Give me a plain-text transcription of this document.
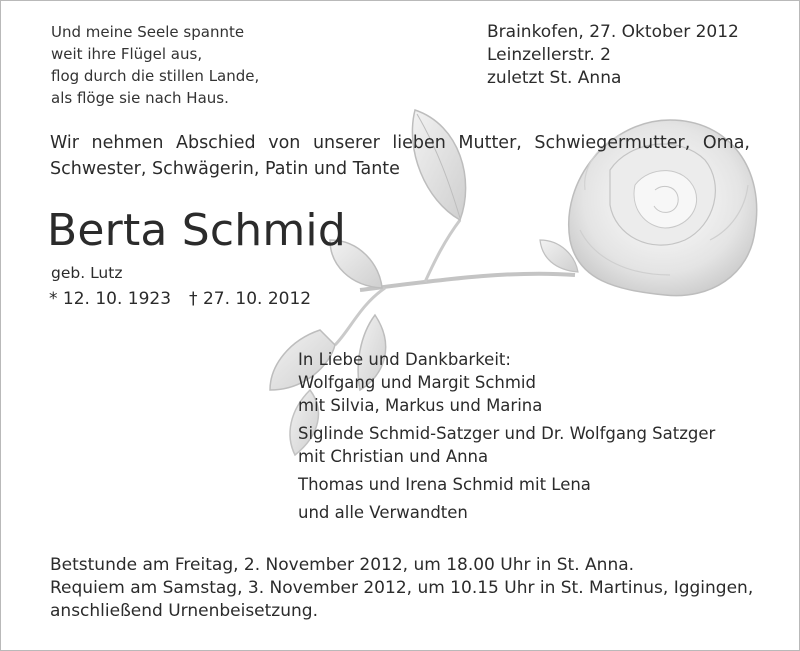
Und meine Seele spannte
weit ihre Flügel aus,
flog durch die stillen Lande,
als flöge sie nach Haus.
Brainkofen, 27. Oktober 2012
Leinzellerstr. 2
zuletzt St. Anna
Wir nehmen Abschied von unserer lieben Mutter, Schwiegermutter, Oma,
Schwester, Schwägerin, Patin und Tante
Berta Schmid
geb. Lutz
* 12. 10. 1923 † 27. 10. 2012
In Liebe und Dankbarkeit:
Wolfgang und Margit Schmid
mit Silvia, Markus und Marina
Siglinde Schmid-Satzger und Dr. Wolfgang Satzger
mit Christian und Anna
Thomas und Irena Schmid mit Lena
und alle Verwandten
Betstunde am Freitag, 2. November 2012, um 18.00 Uhr in St. Anna.
Requiem am Samstag, 3. November 2012, um 10.15 Uhr in St. Martinus, Iggingen,
anschließend Urnenbeisetzung.
